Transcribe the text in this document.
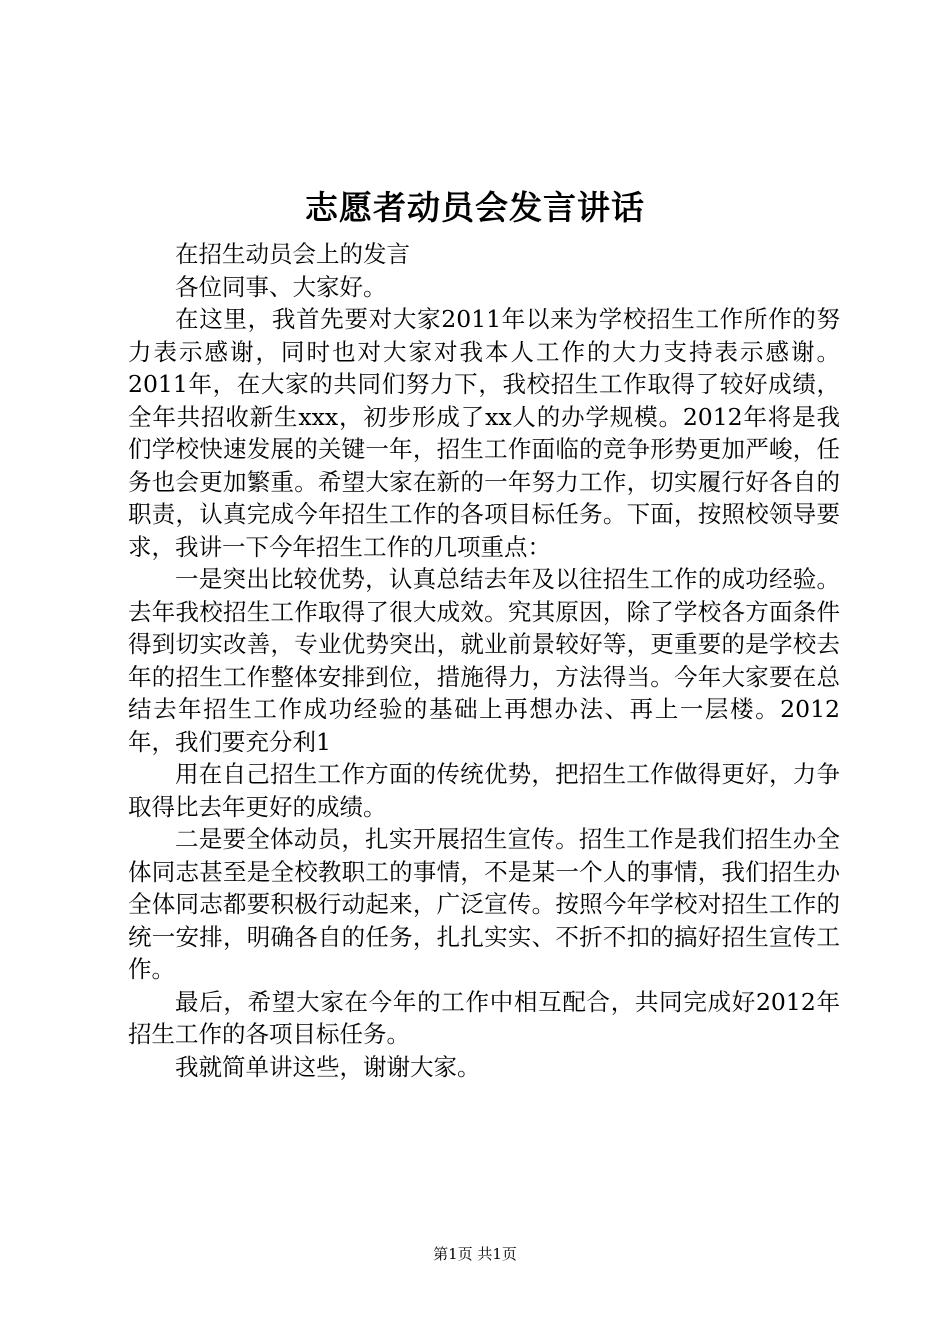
志愿者动员会发言讲话

在招生动员会上的发言

各位同事、大家好。

在这里，我首先要对大家2011年以来为学校招生工作所作的努力表示感谢，同时也对大家对我本人工作的大力支持表示感谢。2011年，在大家的共同们努力下，我校招生工作取得了较好成绩，全年共招收新生xxx，初步形成了xx人的办学规模。2012年将是我们学校快速发展的关键一年，招生工作面临的竞争形势更加严峻，任务也会更加繁重。希望大家在新的一年努力工作，切实履行好各自的职责，认真完成今年招生工作的各项目标任务。下面，按照校领导要求，我讲一下今年招生工作的几项重点：

一是突出比较优势，认真总结去年及以往招生工作的成功经验。去年我校招生工作取得了很大成效。究其原因，除了学校各方面条件得到切实改善，专业优势突出，就业前景较好等，更重要的是学校去年的招生工作整体安排到位，措施得力，方法得当。今年大家要在总结去年招生工作成功经验的基础上再想办法、再上一层楼。2012年，我们要充分利1

用在自己招生工作方面的传统优势，把招生工作做得更好，力争取得比去年更好的成绩。

二是要全体动员，扎实开展招生宣传。招生工作是我们招生办全体同志甚至是全校教职工的事情，不是某一个人的事情，我们招生办全体同志都要积极行动起来，广泛宣传。按照今年学校对招生工作的统一安排，明确各自的任务，扎扎实实、不折不扣的搞好招生宣传工作。

最后，希望大家在今年的工作中相互配合，共同完成好2012年招生工作的各项目标任务。

我就简单讲这些，谢谢大家。

第1页 共1页
